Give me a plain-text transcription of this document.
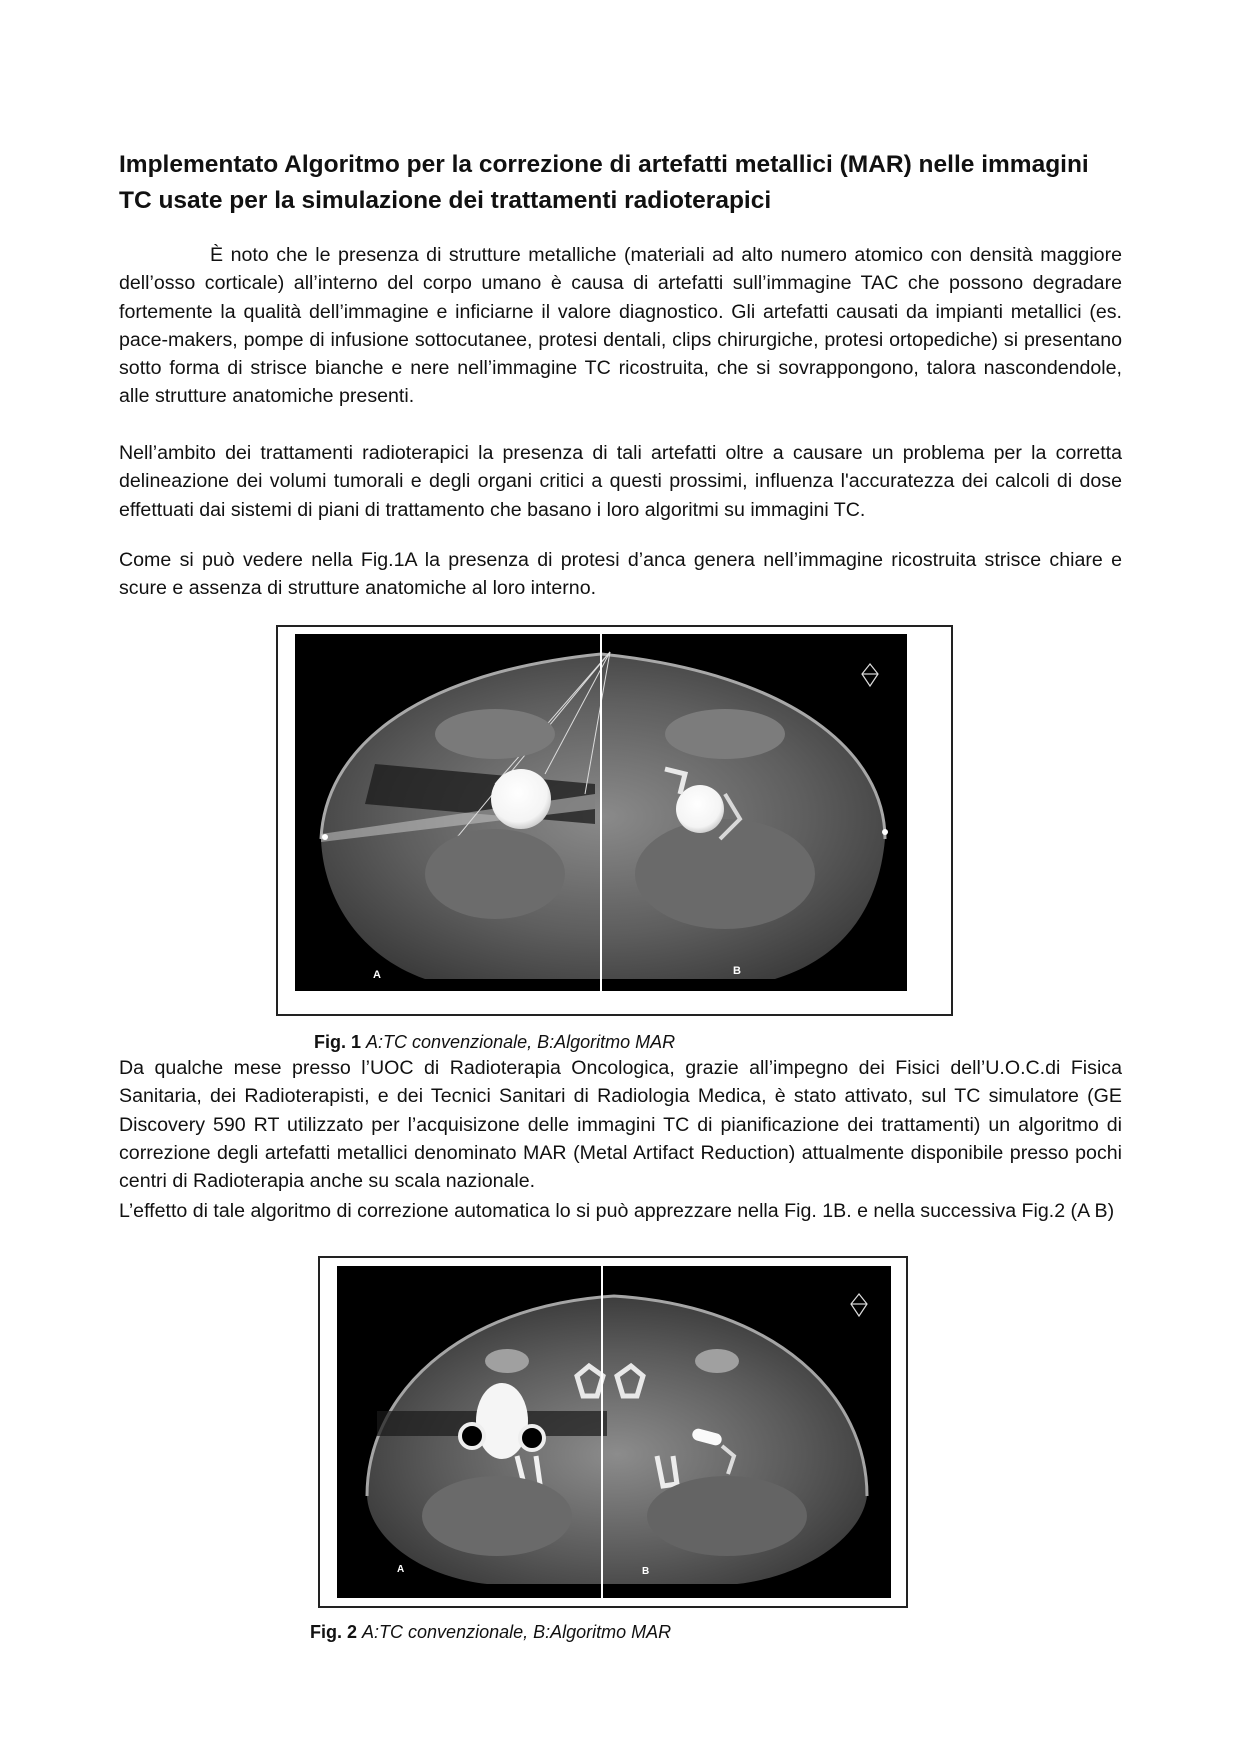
Implementato Algoritmo per la correzione di artefatti metallici (MAR) nelle immagini TC usate per la simulazione dei trattamenti radioterapici

È noto che le presenza di strutture metalliche (materiali ad alto numero atomico con densità maggiore dell’osso corticale) all’interno del corpo umano è causa di artefatti sull’immagine TAC che possono degradare fortemente la qualità dell’immagine e inficiarne il valore diagnostico. Gli artefatti causati da impianti metallici (es. pace-makers, pompe di infusione sottocutanee, protesi dentali, clips chirurgiche, protesi ortopediche) si presentano sotto forma di strisce bianche e nere nell’immagine TC ricostruita, che si sovrappongono, talora nascondendole, alle strutture anatomiche presenti.

Nell’ambito dei trattamenti radioterapici la presenza di tali artefatti oltre a causare un problema per la corretta delineazione dei volumi tumorali e degli organi critici a questi prossimi, influenza l'accuratezza dei calcoli di dose effettuati dai sistemi di piani di trattamento che basano i loro algoritmi su immagini TC.

Come si può vedere nella Fig.1A la presenza di protesi d’anca genera nell’immagine ricostruita strisce chiare e scure e assenza di strutture anatomiche al loro interno.

A	B
Fig. 1 A:TC convenzionale, B:Algoritmo MAR

Da qualche mese presso l’UOC di Radioterapia Oncologica, grazie all’impegno dei Fisici dell’U.O.C.di Fisica Sanitaria, dei Radioterapisti, e dei Tecnici Sanitari di Radiologia Medica, è stato attivato, sul TC simulatore (GE Discovery 590 RT utilizzato per l’acquisizone delle immagini TC di pianificazione dei trattamenti) un algoritmo di correzione degli artefatti metallici denominato MAR (Metal Artifact Reduction) attualmente disponibile presso pochi centri di Radioterapia anche su scala nazionale.

L’effetto di tale algoritmo di correzione automatica lo si può apprezzare nella Fig. 1B. e nella successiva Fig.2 (A B)

A	B
Fig. 2 A:TC convenzionale, B:Algoritmo MAR
